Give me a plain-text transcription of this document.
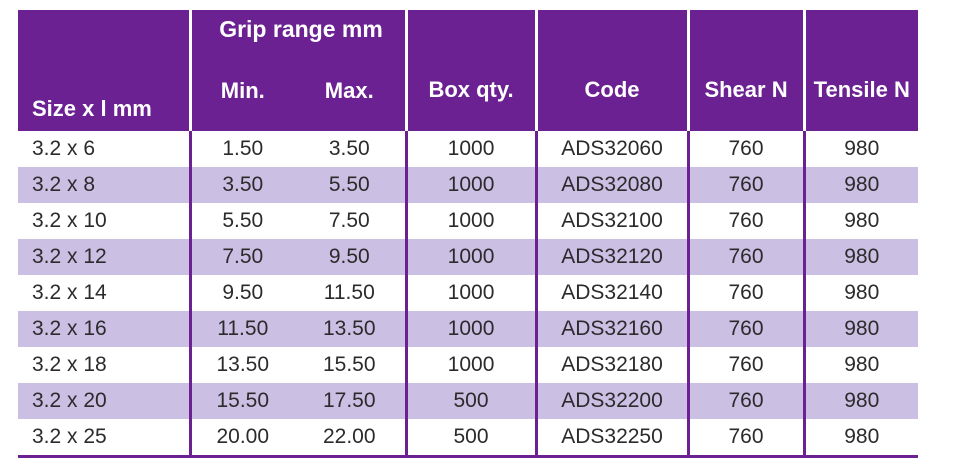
	Grip range mm					

Size x l mm	Min.	Max.	Box qty.	Code	Shear N	Tensile N

3.2 x 6	1.50	3.50	1000	ADS32060	760	980
3.2 x 8	3.50	5.50	1000	ADS32080	760	980
3.2 x 10	5.50	7.50	1000	ADS32100	760	980
3.2 x 12	7.50	9.50	1000	ADS32120	760	980
3.2 x 14	9.50	11.50	1000	ADS32140	760	980
3.2 x 16	11.50	13.50	1000	ADS32160	760	980
3.2 x 18	13.50	15.50	1000	ADS32180	760	980
3.2 x 20	15.50	17.50	500	ADS32200	760	980
3.2 x 25	20.00	22.00	500	ADS32250	760	980
